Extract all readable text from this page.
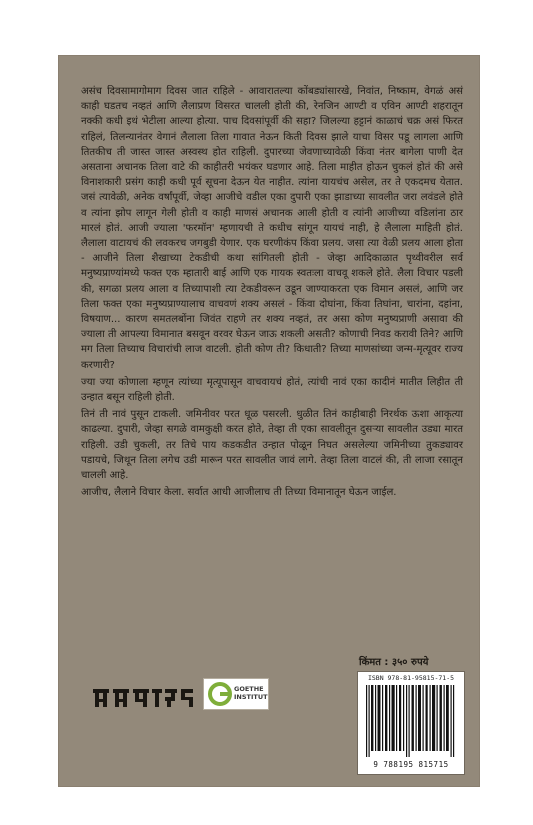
असंच दिवसामागोमाग दिवस जात राहिले - आवारातल्या कोंबड्यांसारखे, निवांत, निष्काम, वेगळं असं काही घडतच नव्हतं आणि लैलाप्रण विसरत चालली होती की, रेनजिन आण्टी व एविन आण्टी शहरातून नक्की कधी इथं भेटीला आल्या होत्या. पाच दिवसांपूर्वी की सहा? जिलल्या हट्टानं काळाचं चक्र असं फिरत राहिलं, तिलन्यानंतर वेगानं लैलाला तिला गावात नेऊन किती दिवस झाले याचा विसर पडू लागला आणि तितकीच ती जास्त जास्त अस्वस्थ होत राहिली. दुपारच्या जेवणाच्यावेळी किंवा नंतर बागेला पाणी देत असताना अचानक तिला वाटे की काहीतरी भयंकर घडणार आहे. तिला माहीत होऊन चुकलं होतं की असे विनाशकारी प्रसंग काही कधी पूर्व सूचना देऊन येत नाहीत. त्यांना यायचंच असेल, तर ते एकदमच येतात. जसं त्यावेळी, अनेक वर्षांपूर्वी, जेव्हा आजीचे वडील एका दुपारी एका झाडाच्या सावलीत जरा लवंडले होते व त्यांना झोप लागून गेली होती व काही माणसं अचानक आली होती व त्यांनी आजीच्या वडिलांना ठार मारलं होतं. आजी ज्याला 'फरमॉन' म्हणायची ते कधीच सांगून यायचं नाही, हे लैलाला माहिती होतं. लैलाला वाटायचं की लवकरच जगबुडी येणार. एक घरणीकंप किंवा प्रलय. जसा त्या वेळी प्रलय आला होता - आजीने तिला शैखाच्या टेकडीची कथा सांगितली होती - जेव्हा आदिकाळात पृथ्वीवरील सर्व मनुष्यप्राण्यांमध्ये फक्त एक म्हातारी बाई आणि एक गायक स्वतःला वाचवू शकले होते. लैला विचार पडली की, सगळा प्रलय आला व तिच्यापाशी त्या टेकडीवरून उडून जाण्याकरता एक विमान असलं, आणि जर तिला फक्त एका मनुष्यप्राण्यालाच वाचवणं शक्य असलं - किंवा दोघांना, किंवा तिघांना, चारांना, दहांना, विषयाण... कारण समतलबोंना जिवंत राहणे तर शक्य नव्हतं, तर असा कोण मनुष्यप्राणी असावा की ज्याला ती आपल्या विमानात बसवून वरवर घेऊन जाऊ शकली असती? कोणाची निवड करावी तिने? आणि मग तिला तिच्याच विचारांची लाज वाटली. होती कोण ती? किधाती? तिच्या माणसांच्या जन्म-मृत्यूवर राज्य करणारी?

ज्या ज्या कोणाला म्हणून त्यांच्या मृत्यूपासून वाचवायचं होतं, त्यांची नावं एका कादीनं मातीत लिहीत ती उन्हात बसून राहिली होती.

तिनं ती नावं पुसून टाकली. जमिनीवर परत धूळ पसरली. धुळीत तिनं काहीबाही निरर्थक ऊशा आकृत्या काढल्या. दुपारी, जेव्हा सगळे वामकुक्षी करत होते, तेव्हा ती एका सावलीतून दुसऱ्या सावलीत उड्या मारत राहिली. उडी चुकली, तर तिचे पाय कडकडीत उन्हात पोळून निघत असलेल्या जमिनीच्या तुकड्यावर पडायचे, जिथून तिला लगेच उडी मारून परत सावलीत जावं लागे. तेव्हा तिला वाटलं की, ती लाजा रसातून चालली आहे.

आजीच, लैलाने विचार केला. सर्वात आधी आजीलाच ती तिच्या विमानातून घेऊन जाईल.

किंमत : ३५० रुपये
GOETHE INSTITUT
ISBN 978-81-95815-71-5
9 788195 815715
